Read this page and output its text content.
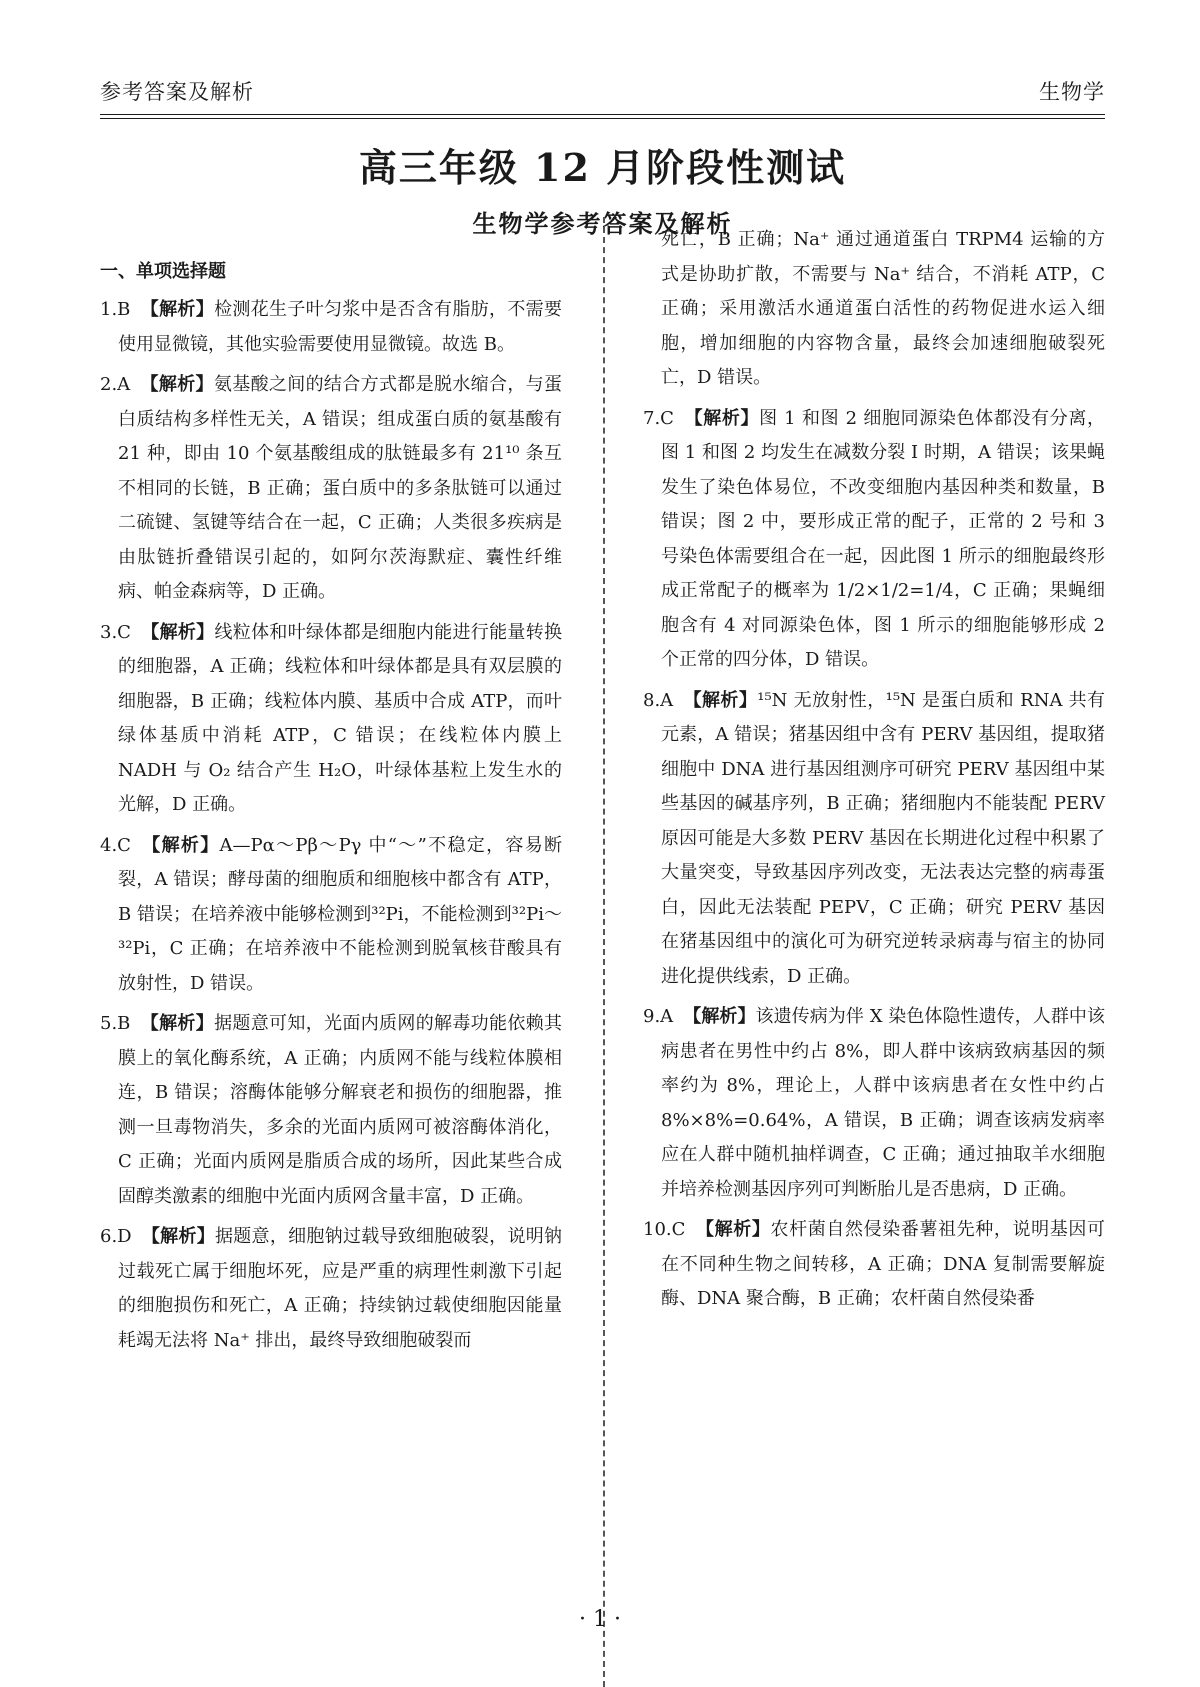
参考答案及解析	生物学
高三年级 12 月阶段性测试
生物学参考答案及解析
一、单项选择题
1.B 【解析】检测花生子叶匀浆中是否含有脂肪，不需要使用显微镜，其他实验需要使用显微镜。故选 B。
2.A 【解析】氨基酸之间的结合方式都是脱水缩合，与蛋白质结构多样性无关，A 错误；组成蛋白质的氨基酸有 21 种，即由 10 个氨基酸组成的肽链最多有 21¹⁰ 条互不相同的长链，B 正确；蛋白质中的多条肽链可以通过二硫键、氢键等结合在一起，C 正确；人类很多疾病是由肽链折叠错误引起的，如阿尔茨海默症、囊性纤维病、帕金森病等，D 正确。
3.C 【解析】线粒体和叶绿体都是细胞内能进行能量转换的细胞器，A 正确；线粒体和叶绿体都是具有双层膜的细胞器，B 正确；线粒体内膜、基质中合成 ATP，而叶绿体基质中消耗 ATP，C 错误；在线粒体内膜上 NADH 与 O₂ 结合产生 H₂O，叶绿体基粒上发生水的光解，D 正确。
4.C 【解析】A—Pα～Pβ～Pγ 中“～”不稳定，容易断裂，A 错误；酵母菌的细胞质和细胞核中都含有 ATP，B 错误；在培养液中能够检测到³²Pi，不能检测到³²Pi～³²Pi，C 正确；在培养液中不能检测到脱氧核苷酸具有放射性，D 错误。
5.B 【解析】据题意可知，光面内质网的解毒功能依赖其膜上的氧化酶系统，A 正确；内质网不能与线粒体膜相连，B 错误；溶酶体能够分解衰老和损伤的细胞器，推测一旦毒物消失，多余的光面内质网可被溶酶体消化，C 正确；光面内质网是脂质合成的场所，因此某些合成固醇类激素的细胞中光面内质网含量丰富，D 正确。
6.D 【解析】据题意，细胞钠过载导致细胞破裂，说明钠过载死亡属于细胞坏死，应是严重的病理性刺激下引起的细胞损伤和死亡，A 正确；持续钠过载使细胞因能量耗竭无法将 Na⁺ 排出，最终导致细胞破裂而
死亡，B 正确；Na⁺ 通过通道蛋白 TRPM4 运输的方式是协助扩散，不需要与 Na⁺ 结合，不消耗 ATP，C 正确；采用激活水通道蛋白活性的药物促进水运入细胞，增加细胞的内容物含量，最终会加速细胞破裂死亡，D 错误。
7.C 【解析】图 1 和图 2 细胞同源染色体都没有分离，图 1 和图 2 均发生在减数分裂 Ⅰ 时期，A 错误；该果蝇发生了染色体易位，不改变细胞内基因种类和数量，B 错误；图 2 中，要形成正常的配子，正常的 2 号和 3 号染色体需要组合在一起，因此图 1 所示的细胞最终形成正常配子的概率为 1/2×1/2=1/4，C 正确；果蝇细胞含有 4 对同源染色体，图 1 所示的细胞能够形成 2 个正常的四分体，D 错误。
8.A 【解析】¹⁵N 无放射性，¹⁵N 是蛋白质和 RNA 共有元素，A 错误；猪基因组中含有 PERV 基因组，提取猪细胞中 DNA 进行基因组测序可研究 PERV 基因组中某些基因的碱基序列，B 正确；猪细胞内不能装配 PERV 原因可能是大多数 PERV 基因在长期进化过程中积累了大量突变，导致基因序列改变，无法表达完整的病毒蛋白，因此无法装配 PEPV，C 正确；研究 PERV 基因在猪基因组中的演化可为研究逆转录病毒与宿主的协同进化提供线索，D 正确。
9.A 【解析】该遗传病为伴 X 染色体隐性遗传，人群中该病患者在男性中约占 8%，即人群中该病致病基因的频率约为 8%，理论上，人群中该病患者在女性中约占 8%×8%=0.64%，A 错误，B 正确；调查该病发病率应在人群中随机抽样调查，C 正确；通过抽取羊水细胞并培养检测基因序列可判断胎儿是否患病，D 正确。
10.C 【解析】农杆菌自然侵染番薯祖先种，说明基因可在不同种生物之间转移，A 正确；DNA 复制需要解旋酶、DNA 聚合酶，B 正确；农杆菌自然侵染番
· 1 ·
